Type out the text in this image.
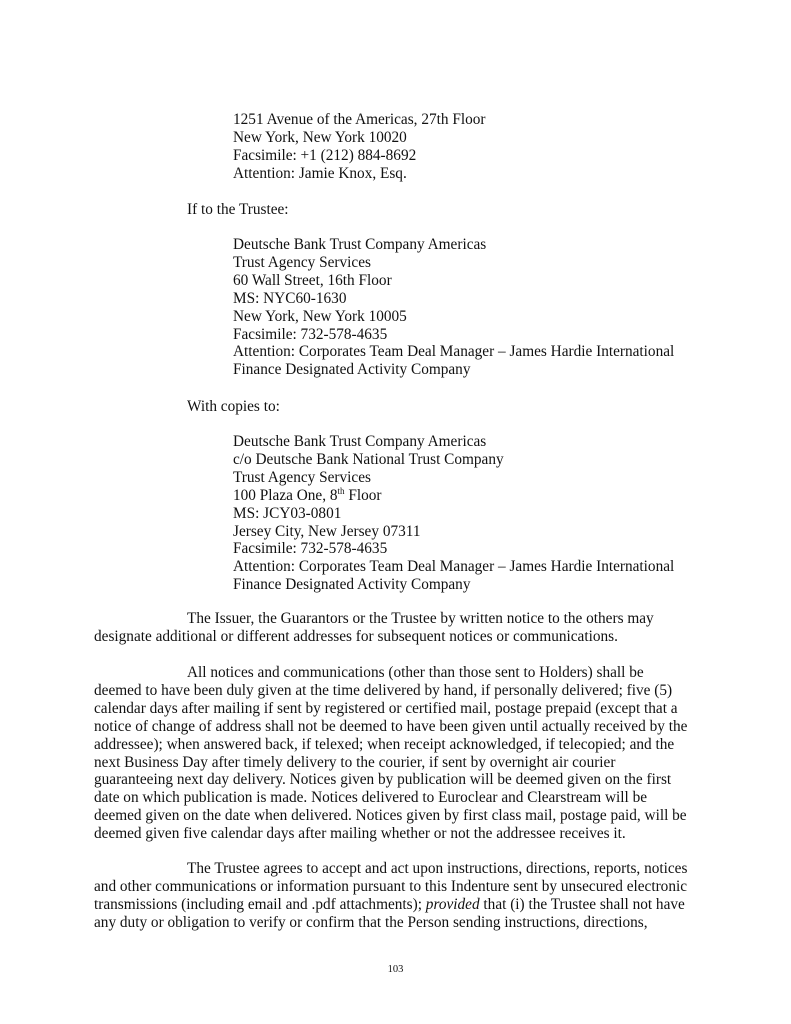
1251 Avenue of the Americas, 27th Floor
New York, New York 10020
Facsimile: +1 (212) 884-8692
Attention: Jamie Knox, Esq.
If to the Trustee:
Deutsche Bank Trust Company Americas
Trust Agency Services
60 Wall Street, 16th Floor
MS: NYC60-1630
New York, New York 10005
Facsimile: 732-578-4635
Attention: Corporates Team Deal Manager – James Hardie International
Finance Designated Activity Company
With copies to:
Deutsche Bank Trust Company Americas
c/o Deutsche Bank National Trust Company
Trust Agency Services
100 Plaza One, 8th Floor
MS: JCY03-0801
Jersey City, New Jersey 07311
Facsimile: 732-578-4635
Attention: Corporates Team Deal Manager – James Hardie International
Finance Designated Activity Company
The Issuer, the Guarantors or the Trustee by written notice to the others may
designate additional or different addresses for subsequent notices or communications.
All notices and communications (other than those sent to Holders) shall be
deemed to have been duly given at the time delivered by hand, if personally delivered; five (5)
calendar days after mailing if sent by registered or certified mail, postage prepaid (except that a
notice of change of address shall not be deemed to have been given until actually received by the
addressee); when answered back, if telexed; when receipt acknowledged, if telecopied; and the
next Business Day after timely delivery to the courier, if sent by overnight air courier
guaranteeing next day delivery. Notices given by publication will be deemed given on the first
date on which publication is made. Notices delivered to Euroclear and Clearstream will be
deemed given on the date when delivered. Notices given by first class mail, postage paid, will be
deemed given five calendar days after mailing whether or not the addressee receives it.
The Trustee agrees to accept and act upon instructions, directions, reports, notices
and other communications or information pursuant to this Indenture sent by unsecured electronic
transmissions (including email and .pdf attachments); provided that (i) the Trustee shall not have
any duty or obligation to verify or confirm that the Person sending instructions, directions,
103
